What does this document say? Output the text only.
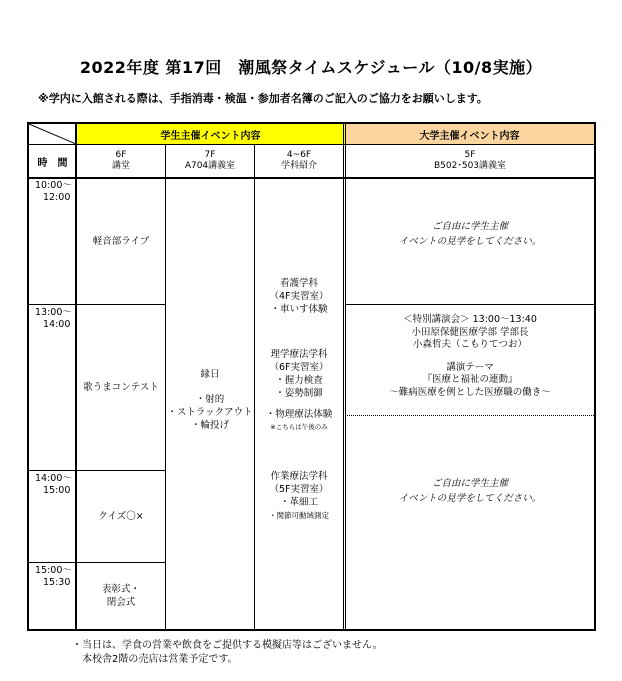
2022年度 第17回　潮風祭タイムスケジュール（10/8実施）
※学内に入館される際は、手指消毒・検温・参加者名簿のご記入のご協力をお願いします。
学生主催イベント内容	大学主催イベント内容
時　間
6F
講堂
7F
A704講義室
4~6F
学科紹介
5F
B502･503講義室
10:00～
12:00
13:00～
14:00
14:00～
15:00
15:00～
15:30
軽音部ライブ
歌うまコンテスト
クイズ〇×
表彰式・
閉会式
縁日
・射的
・ストラックアウト
・輪投げ
看護学科
（4F実習室）
・車いす体験
理学療法学科
（6F実習室）
・握力検査
・姿勢制御
・物理療法体験
※こちらは午後のみ
作業療法学科
（5F実習室）
・革細工
・関節可動域測定
ご自由に学生主催
イベントの見学をしてください。
＜特別講演会＞ 13:00～13:40
小田原保健医療学部 学部長
小森哲夫（こもりてつお）
講演テーマ
『医療と福祉の連動』
～難病医療を例とした医療職の働き～
ご自由に学生主催
イベントの見学をしてください。
・当日は、学食の営業や飲食をご提供する模擬店等はございません。
　本校舎2階の売店は営業予定です。
